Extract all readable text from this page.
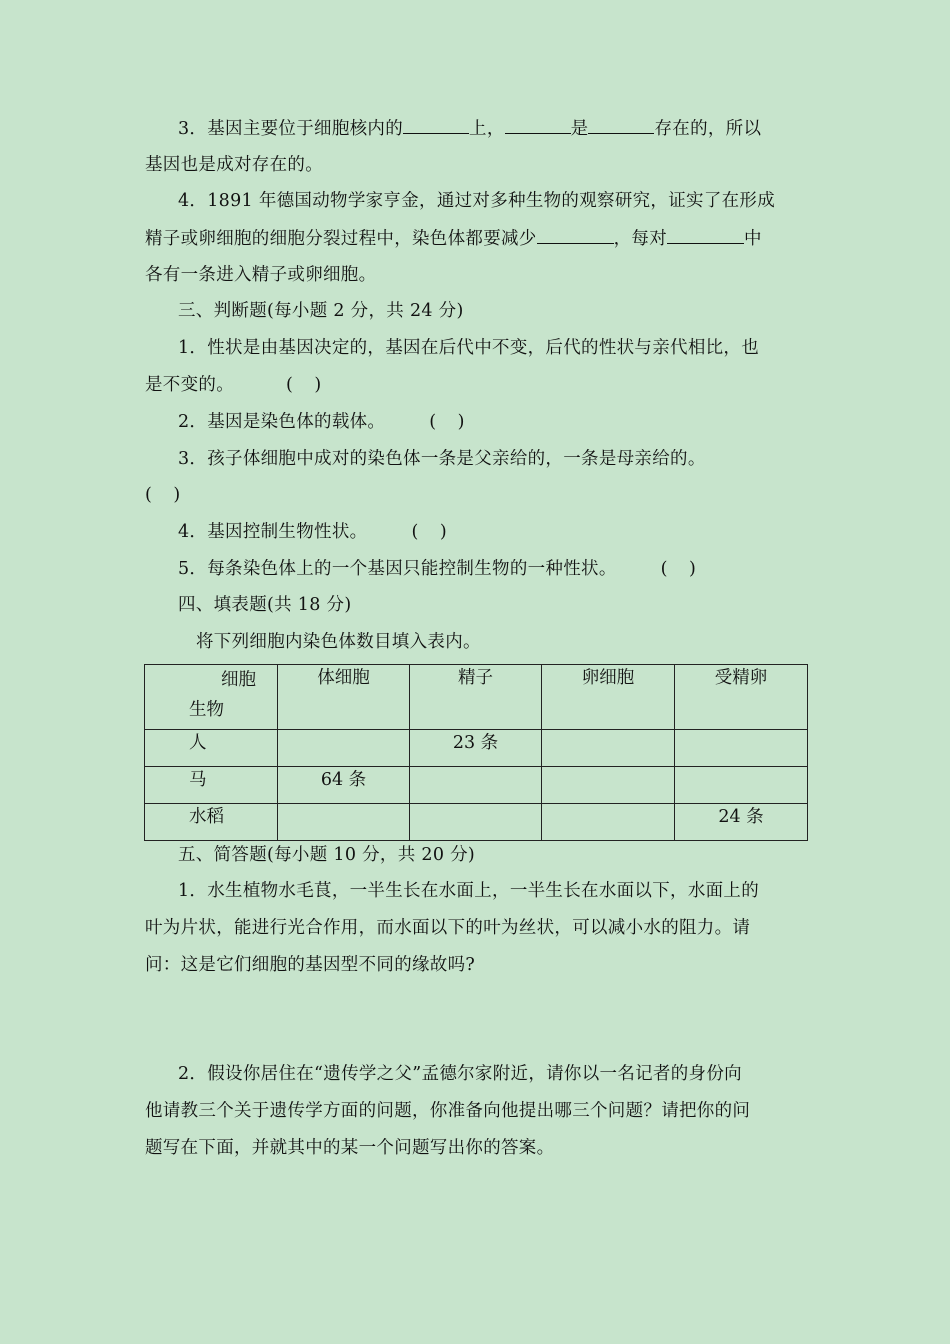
3．基因主要位于细胞核内的	上，	是	存在的，所以
基因也是成对存在的。
4．1891 年德国动物学家亨金，通过对多种生物的观察研究，证实了在形成
精子或卵细胞的细胞分裂过程中，染色体都要减少	，每对	中
各有一条进入精子或卵细胞。
三、判断题(每小题 2 分，共 24 分)
1．性状是由基因决定的，基因在后代中不变，后代的性状与亲代相比，也
是不变的。	( )
2．基因是染色体的载体。	( )
3．孩子体细胞中成对的染色体一条是父亲给的，一条是母亲给的。
( )
4．基因控制生物性状。	( )
5．每条染色体上的一个基因只能控制生物的一种性状。	( )
四、填表题(共 18 分)
将下列细胞内染色体数目填入表内。
细胞
生物	体细胞	精子	卵细胞	受精卵
人		23 条		
马	64 条			
水稻				24 条
五、简答题(每小题 10 分，共 20 分)
1．水生植物水毛茛，一半生长在水面上，一半生长在水面以下，水面上的
叶为片状，能进行光合作用，而水面以下的叶为丝状，可以减小水的阻力。请
问：这是它们细胞的基因型不同的缘故吗?
2．假设你居住在“遗传学之父”孟德尔家附近，请你以一名记者的身份向
他请教三个关于遗传学方面的问题，你准备向他提出哪三个问题？请把你的问
题写在下面，并就其中的某一个问题写出你的答案。
